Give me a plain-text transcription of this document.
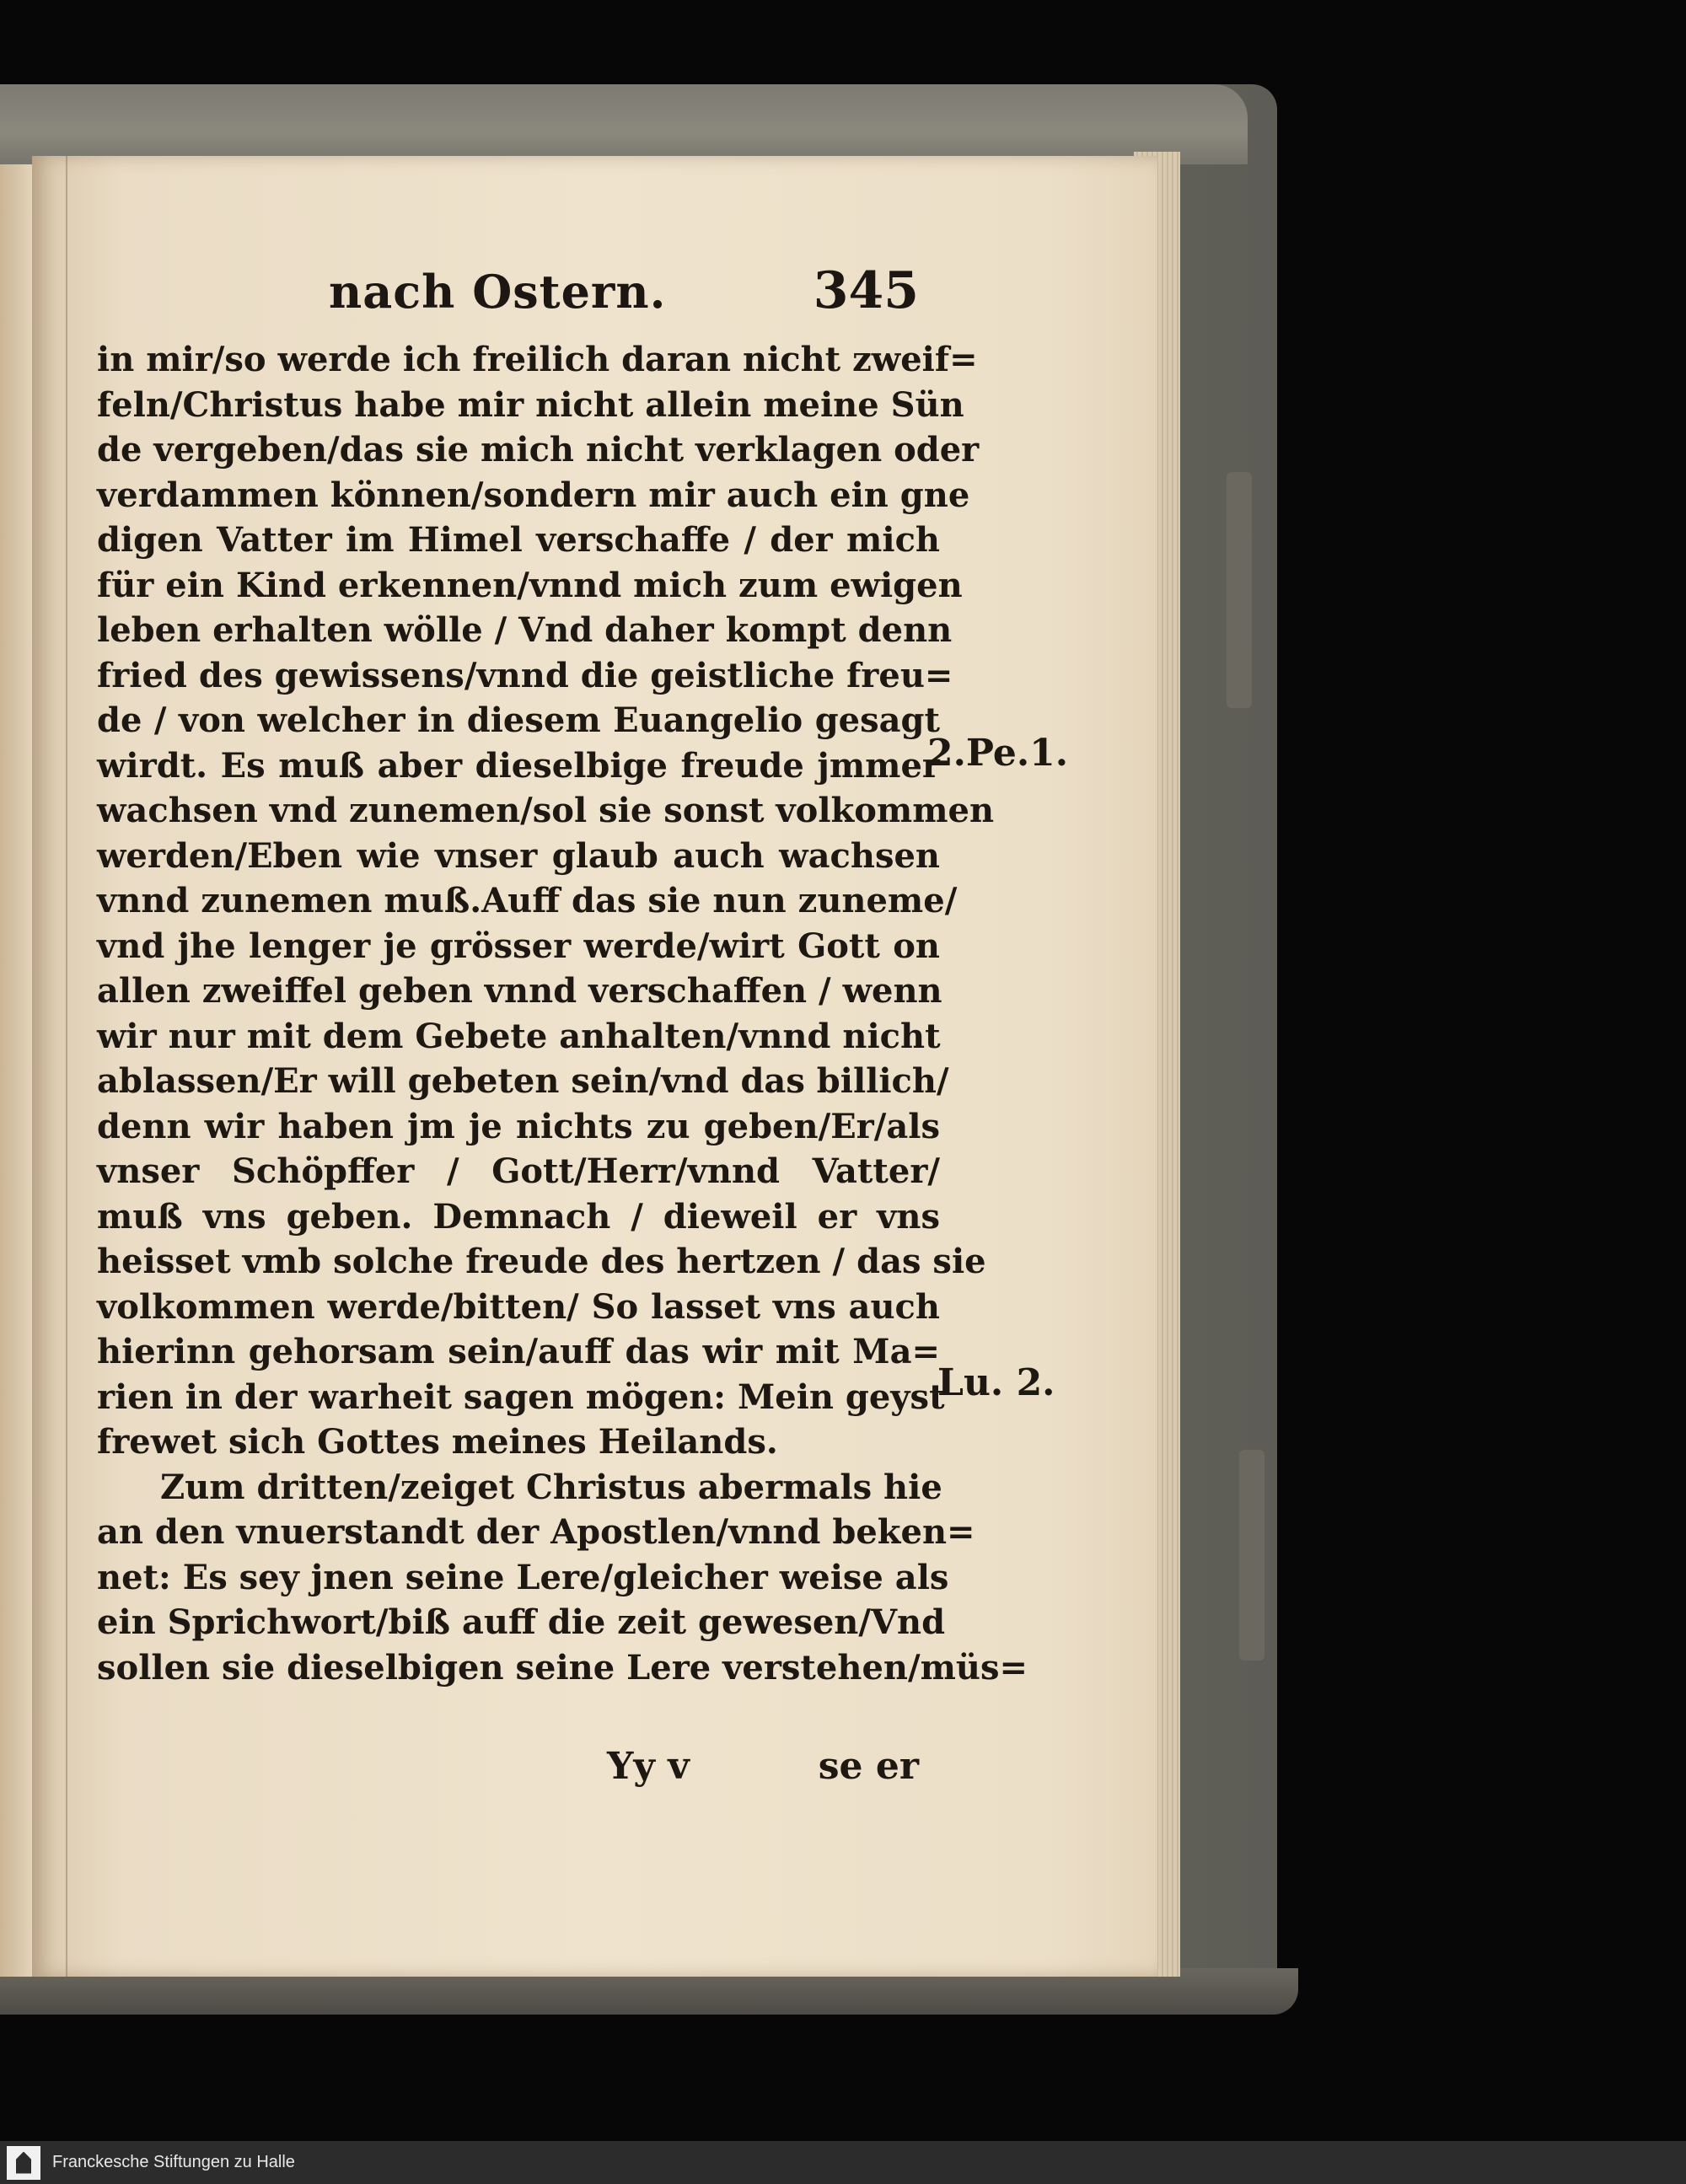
nach Ostern.	345
in mir/so werde ich freilich daran nicht zweif=
feln/Christus habe mir nicht allein meine Sün
de vergeben/das sie mich nicht verklagen oder
verdammen können/sondern mir auch ein gne
digen Vatter im Himel verschaffe / der mich
für ein Kind erkennen/vnnd mich zum ewigen
leben erhalten wölle / Vnd daher kompt denn
fried des gewissens/vnnd die geistliche freu=
de / von welcher in diesem Euangelio gesagt
wirdt. Es muß aber dieselbige freude jmmer
wachsen vnd zunemen/sol sie sonst volkommen
werden/Eben wie vnser glaub auch wachsen
vnnd zunemen muß.Auff das sie nun zuneme/
vnd jhe lenger je grösser werde/wirt Gott on
allen zweiffel geben vnnd verschaffen / wenn
wir nur mit dem Gebete anhalten/vnnd nicht
ablassen/Er will gebeten sein/vnd das billich/
denn wir haben jm je nichts zu geben/Er/als
vnser Schöpffer / Gott/Herr/vnnd Vatter/
muß vns geben. Demnach / dieweil er vns
heisset vmb solche freude des hertzen / das sie
volkommen werde/bitten/ So lasset vns auch
hierinn gehorsam sein/auff das wir mit Ma=
rien in der warheit sagen mögen: Mein geyst
frewet sich Gottes meines Heilands.
Zum dritten/zeiget Christus abermals hie
an den vnuerstandt der Apostlen/vnnd beken=
net: Es sey jnen seine Lere/gleicher weise als
ein Sprichwort/biß auff die zeit gewesen/Vnd
sollen sie dieselbigen seine Lere verstehen/müs=
2.Pe.1.
Lu. 2.
Yy v	se er
Franckesche Stiftungen zu Halle
